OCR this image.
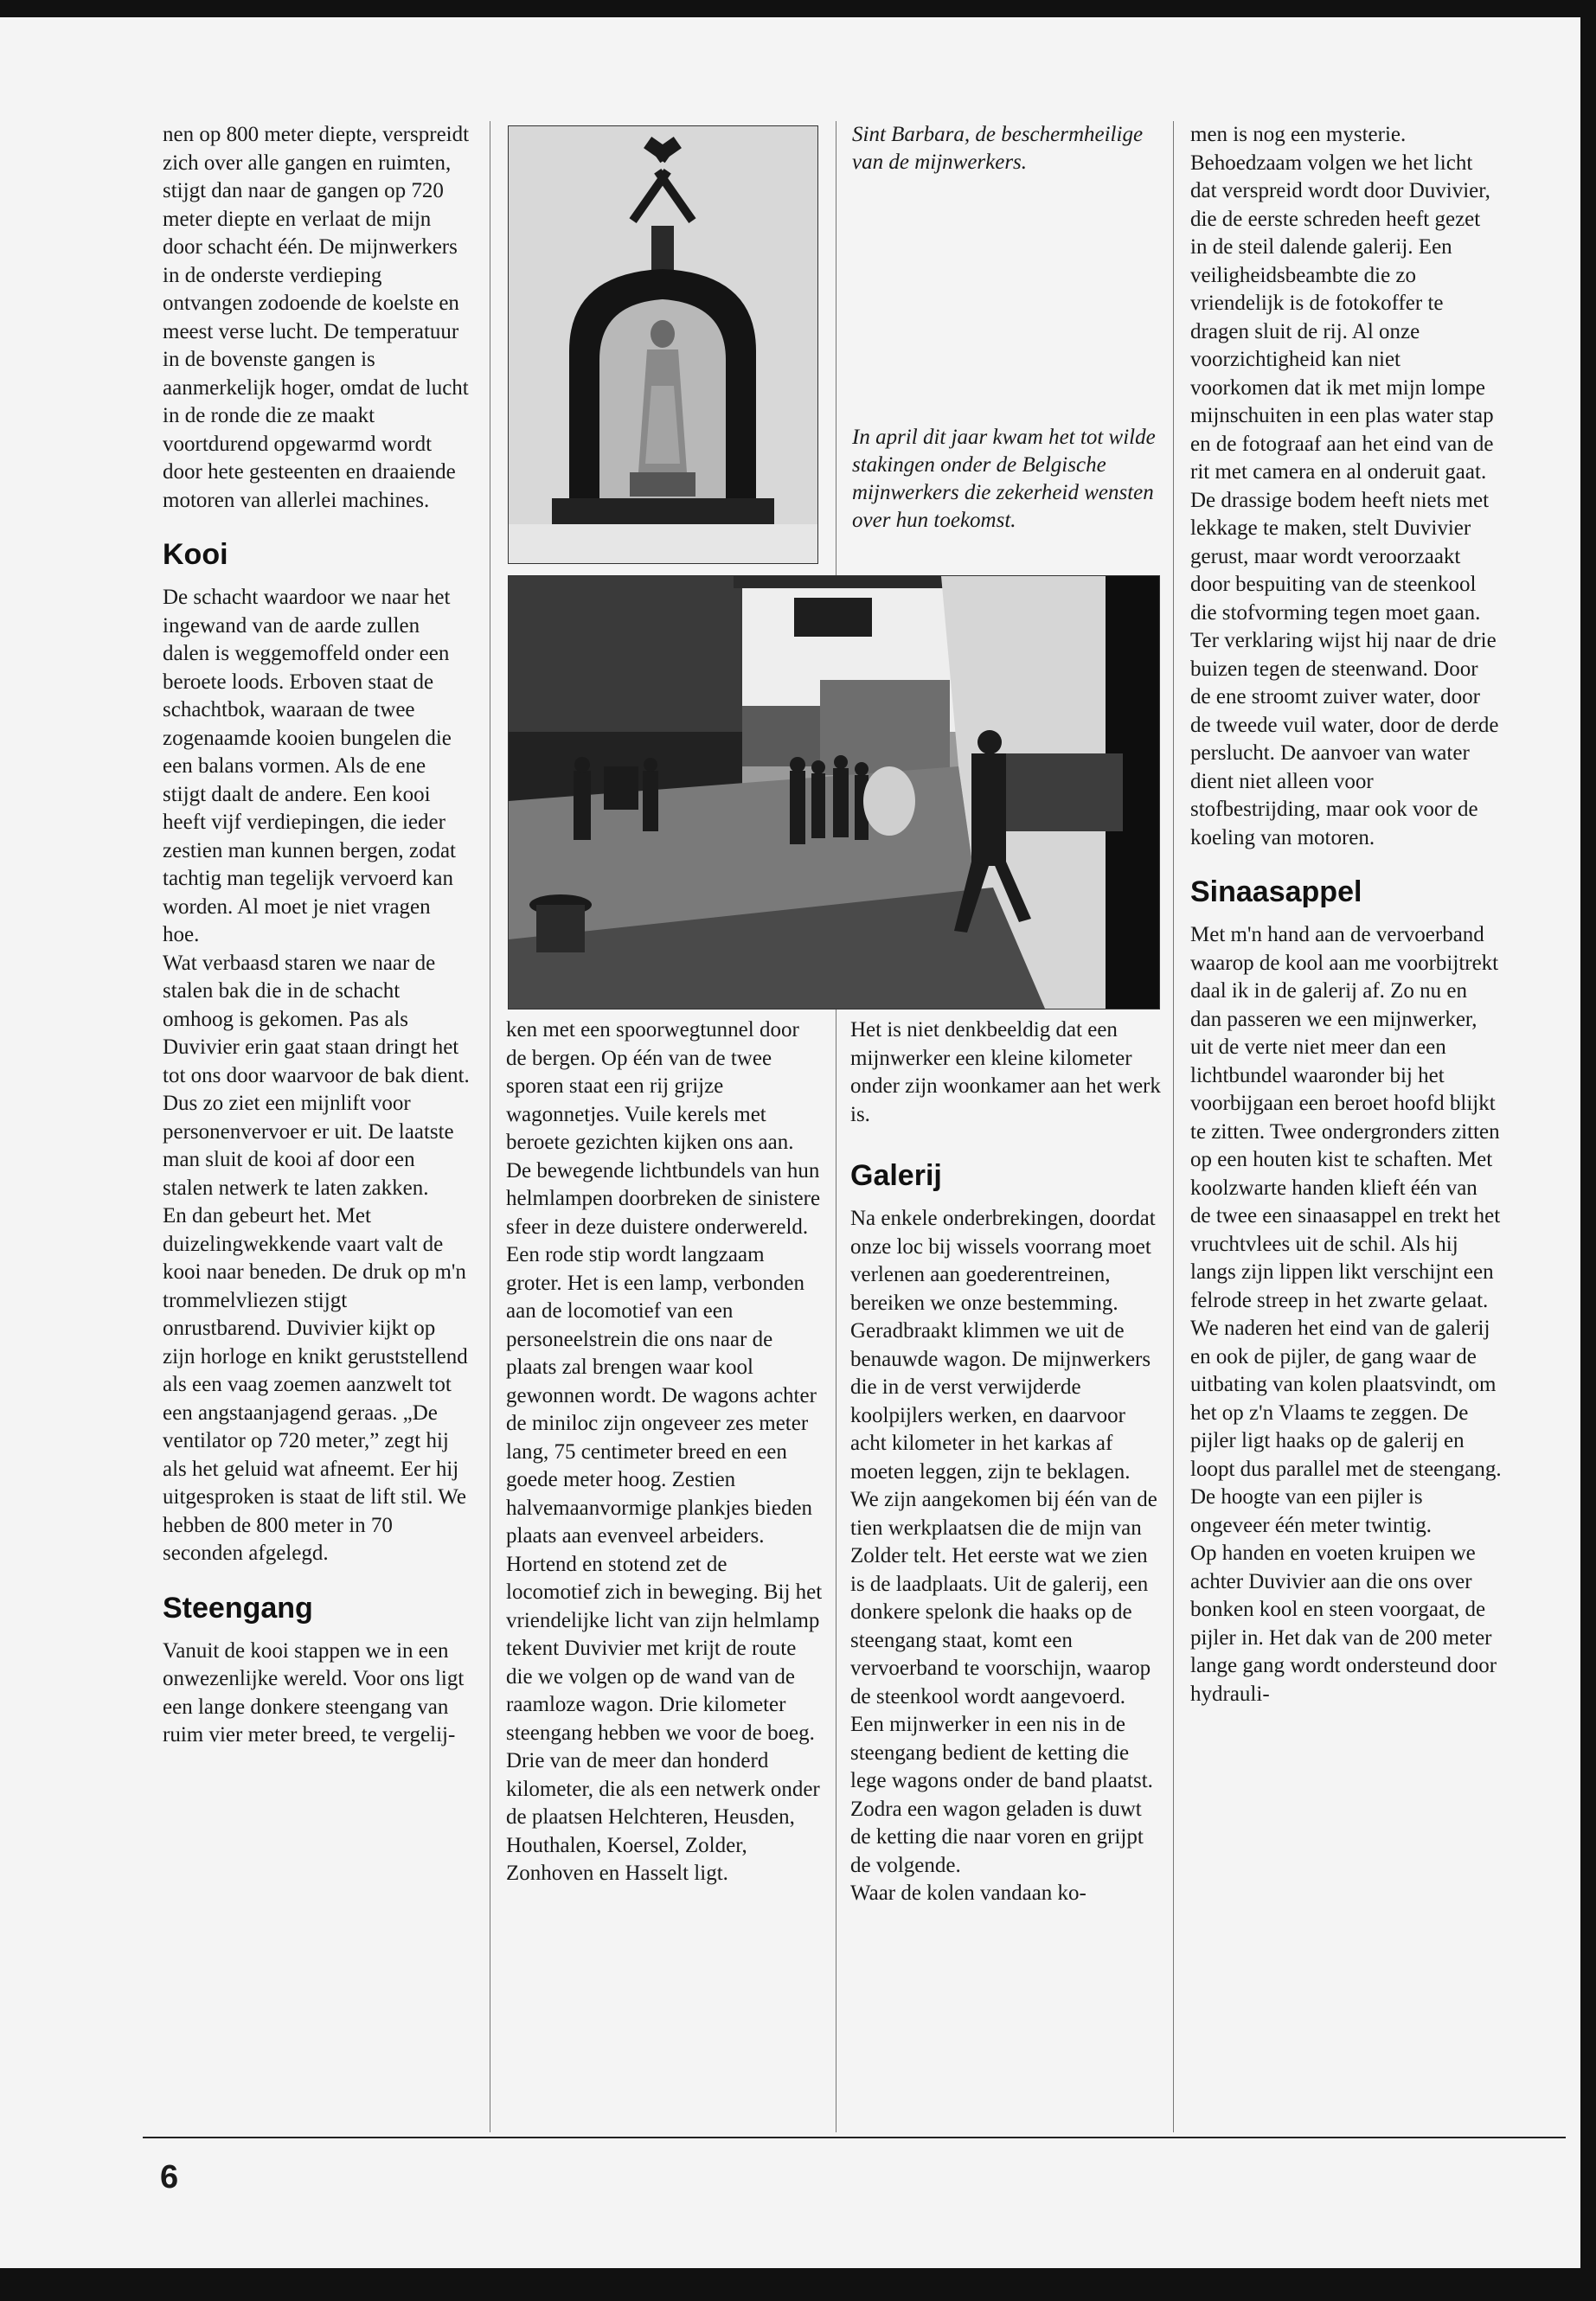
nen op 800 meter diepte, verspreidt zich over alle gangen en ruimten, stijgt dan naar de gangen op 720 meter diepte en verlaat de mijn door schacht één. De mijnwerkers in de onderste verdieping ontvangen zodoende de koelste en meest verse lucht. De temperatuur in de bovenste gangen is aanmerkelijk hoger, omdat de lucht in de ronde die ze maakt voortdurend opgewarmd wordt door hete gesteenten en draaiende motoren van allerlei machines.

Kooi

De schacht waardoor we naar het ingewand van de aarde zullen dalen is weggemoffeld onder een beroete loods. Erboven staat de schachtbok, waaraan de twee zogenaamde kooien bungelen die een balans vormen. Als de ene stijgt daalt de andere. Een kooi heeft vijf verdiepingen, die ieder zestien man kunnen bergen, zodat tachtig man tegelijk vervoerd kan worden. Al moet je niet vragen hoe.

Wat verbaasd staren we naar de stalen bak die in de schacht omhoog is gekomen. Pas als Duvivier erin gaat staan dringt het tot ons door waarvoor de bak dient. Dus zo ziet een mijnlift voor personenvervoer er uit. De laatste man sluit de kooi af door een stalen netwerk te laten zakken.

En dan gebeurt het. Met duizelingwekkende vaart valt de kooi naar beneden. De druk op m'n trommelvliezen stijgt onrustbarend. Duvivier kijkt op zijn horloge en knikt geruststellend als een vaag zoemen aanzwelt tot een angstaanjagend geraas. „De ventilator op 720 meter,” zegt hij als het geluid wat afneemt. Eer hij uitgesproken is staat de lift stil. We hebben de 800 meter in 70 seconden afgelegd.

Steengang

Vanuit de kooi stappen we in een onwezenlijke wereld. Voor ons ligt een lange donkere steengang van ruim vier meter breed, te vergelij-

Sint Barbara, de beschermheilige van de mijnwerkers.
In april dit jaar kwam het tot wilde stakingen onder de Belgische mijnwerkers die zekerheid wensten over hun toekomst.

ken met een spoorwegtunnel door de bergen. Op één van de twee sporen staat een rij grijze wagonnetjes. Vuile kerels met beroete gezichten kijken ons aan.

De bewegende lichtbundels van hun helmlampen doorbreken de sinistere sfeer in deze duistere onderwereld. Een rode stip wordt langzaam groter. Het is een lamp, verbonden aan de locomotief van een personeelstrein die ons naar de plaats zal brengen waar kool gewonnen wordt. De wagons achter de miniloc zijn ongeveer zes meter lang, 75 centimeter breed en een goede meter hoog. Zestien halvemaanvormige plankjes bieden plaats aan evenveel arbeiders.

Hortend en stotend zet de locomotief zich in beweging. Bij het vriendelijke licht van zijn helmlamp tekent Duvivier met krijt de route die we volgen op de wand van de raamloze wagon. Drie kilometer steengang hebben we voor de boeg. Drie van de meer dan honderd kilometer, die als een netwerk onder de plaatsen Helchteren, Heusden, Houthalen, Koersel, Zolder, Zonhoven en Hasselt ligt.

Het is niet denkbeeldig dat een mijnwerker een kleine kilometer onder zijn woonkamer aan het werk is.

Galerij

Na enkele onderbrekingen, doordat onze loc bij wissels voorrang moet verlenen aan goederentreinen, bereiken we onze bestemming. Geradbraakt klimmen we uit de benauwde wagon. De mijnwerkers die in de verst verwijderde koolpijlers werken, en daarvoor acht kilometer in het karkas af moeten leggen, zijn te beklagen.

We zijn aangekomen bij één van de tien werkplaatsen die de mijn van Zolder telt. Het eerste wat we zien is de laadplaats. Uit de galerij, een donkere spelonk die haaks op de steengang staat, komt een vervoerband te voorschijn, waarop de steenkool wordt aangevoerd. Een mijnwerker in een nis in de steengang bedient de ketting die lege wagons onder de band plaatst. Zodra een wagon geladen is duwt de ketting die naar voren en grijpt de volgende.

Waar de kolen vandaan ko-

men is nog een mysterie. Behoedzaam volgen we het licht dat verspreid wordt door Duvivier, die de eerste schreden heeft gezet in de steil dalende galerij. Een veiligheidsbeambte die zo vriendelijk is de fotokoffer te dragen sluit de rij. Al onze voorzichtigheid kan niet voorkomen dat ik met mijn lompe mijnschuiten in een plas water stap en de fotograaf aan het eind van de rit met camera en al onderuit gaat.

De drassige bodem heeft niets met lekkage te maken, stelt Duvivier gerust, maar wordt veroorzaakt door bespuiting van de steenkool die stofvorming tegen moet gaan. Ter verklaring wijst hij naar de drie buizen tegen de steenwand. Door de ene stroomt zuiver water, door de tweede vuil water, door de derde perslucht. De aanvoer van water dient niet alleen voor stofbestrijding, maar ook voor de koeling van motoren.

Sinaasappel

Met m'n hand aan de vervoerband waarop de kool aan me voorbijtrekt daal ik in de galerij af. Zo nu en dan passeren we een mijnwerker, uit de verte niet meer dan een lichtbundel waaronder bij het voorbijgaan een beroet hoofd blijkt te zitten. Twee ondergronders zitten op een houten kist te schaften. Met koolzwarte handen klieft één van de twee een sinaasappel en trekt het vruchtvlees uit de schil. Als hij langs zijn lippen likt verschijnt een felrode streep in het zwarte gelaat.

We naderen het eind van de galerij en ook de pijler, de gang waar de uitbating van kolen plaatsvindt, om het op z'n Vlaams te zeggen. De pijler ligt haaks op de galerij en loopt dus parallel met de steengang. De hoogte van een pijler is ongeveer één meter twintig.

Op handen en voeten kruipen we achter Duvivier aan die ons over bonken kool en steen voorgaat, de pijler in. Het dak van de 200 meter lange gang wordt ondersteund door hydrauli-

6
